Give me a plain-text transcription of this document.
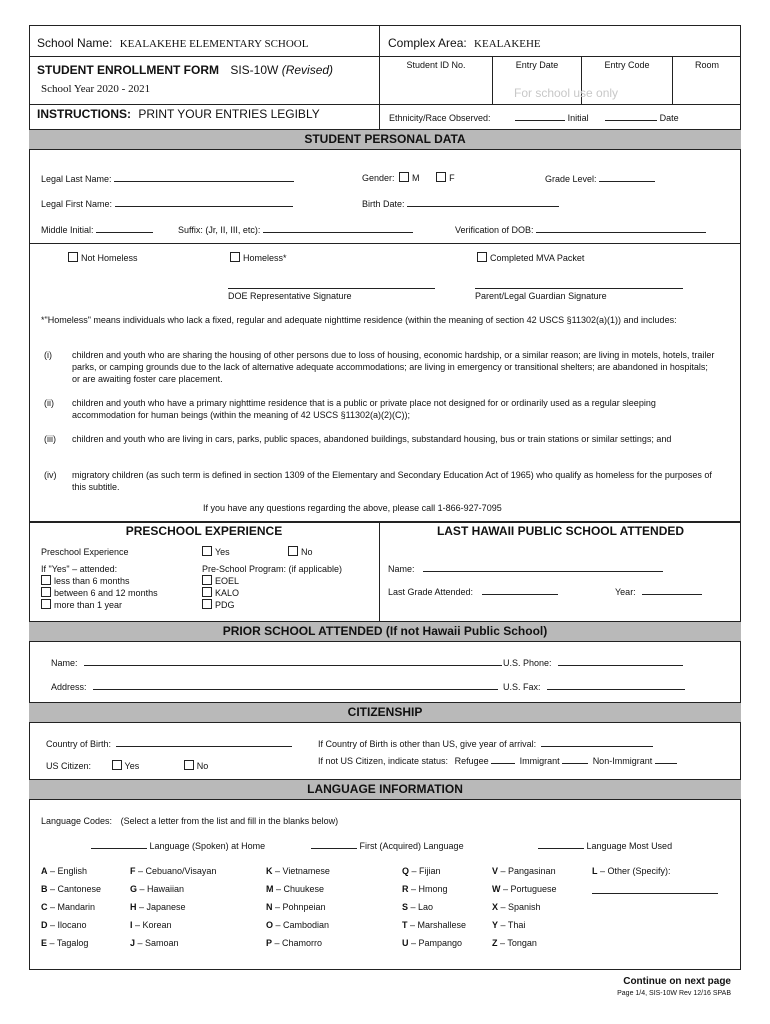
School Name: KEALAKEHE ELEMENTARY SCHOOL	Complex Area: KEALAKEHE
STUDENT ENROLLMENT FORM SIS-10W (Revised)
School Year 2020 - 2021
Student ID No.	Entry Date	Entry Code	Room
For school use only
INSTRUCTIONS: PRINT YOUR ENTRIES LEGIBLY	Ethnicity/Race Observed:	Initial	Date
STUDENT PERSONAL DATA
Legal Last Name:	Gender: M	F	Grade Level:
Legal First Name:	Birth Date:
Middle Initial:	Suffix: (Jr, II, III, etc):	Verification of DOB:
Not Homeless	Homeless*	Completed MVA Packet
DOE Representative Signature	Parent/Legal Guardian Signature
*"Homeless" means individuals who lack a fixed, regular and adequate nighttime residence (within the meaning of section 42 USCS §11302(a)(1)) and includes:
(i) children and youth who are sharing the housing of other persons due to loss of housing, economic hardship, or a similar reason; are living in motels, hotels, trailer parks, or camping grounds due to the lack of alternative adequate accommodations; are living in emergency or transitional shelters; are abandoned in hospitals; or are awaiting foster care placement.
(ii) children and youth who have a primary nighttime residence that is a public or private place not designed for or ordinarily used as a regular sleeping accommodation for human beings (within the meaning of 42 USCS §11302(a)(2)(C));
(iii) children and youth who are living in cars, parks, public spaces, abandoned buildings, substandard housing, bus or train stations or similar settings; and
(iv) migratory children (as such term is defined in section 1309 of the Elementary and Secondary Education Act of 1965) who qualify as homeless for the purposes of this subtitle.
If you have any questions regarding the above, please call 1-866-927-7095
PRESCHOOL EXPERIENCE	LAST HAWAII PUBLIC SCHOOL ATTENDED
Preschool Experience	Yes	No
If "Yes" – attended:	Pre-School Program: (if applicable)
less than 6 months
between 6 and 12 months
more than 1 year
EOEL
KALO
PDG
Name:
Last Grade Attended:	Year:
PRIOR SCHOOL ATTENDED (If not Hawaii Public School)
Name:	U.S. Phone:
Address:	U.S. Fax:
CITIZENSHIP
Country of Birth:	If Country of Birth is other than US, give year of arrival:
US Citizen:	Yes	No	If not US Citizen, indicate status: Refugee	Immigrant	Non-Immigrant
LANGUAGE INFORMATION
Language Codes: (Select a letter from the list and fill in the blanks below)
Language (Spoken) at Home	First (Acquired) Language	Language Most Used
A – English
B – Cantonese
C – Mandarin
D – Ilocano
E – Tagalog
F – Cebuano/Visayan
G – Hawaiian
H – Japanese
I – Korean
J – Samoan
K – Vietnamese
M – Chuukese
N – Pohnpeian
O – Cambodian
P – Chamorro
Q – Fijian
R – Hmong
S – Lao
T – Marshallese
U – Pampango
V – Pangasinan
W – Portuguese
X – Spanish
Y – Thai
Z – Tongan
L – Other (Specify):
Continue on next page
Page 1/4, SIS-10W Rev 12/16 SPAB
